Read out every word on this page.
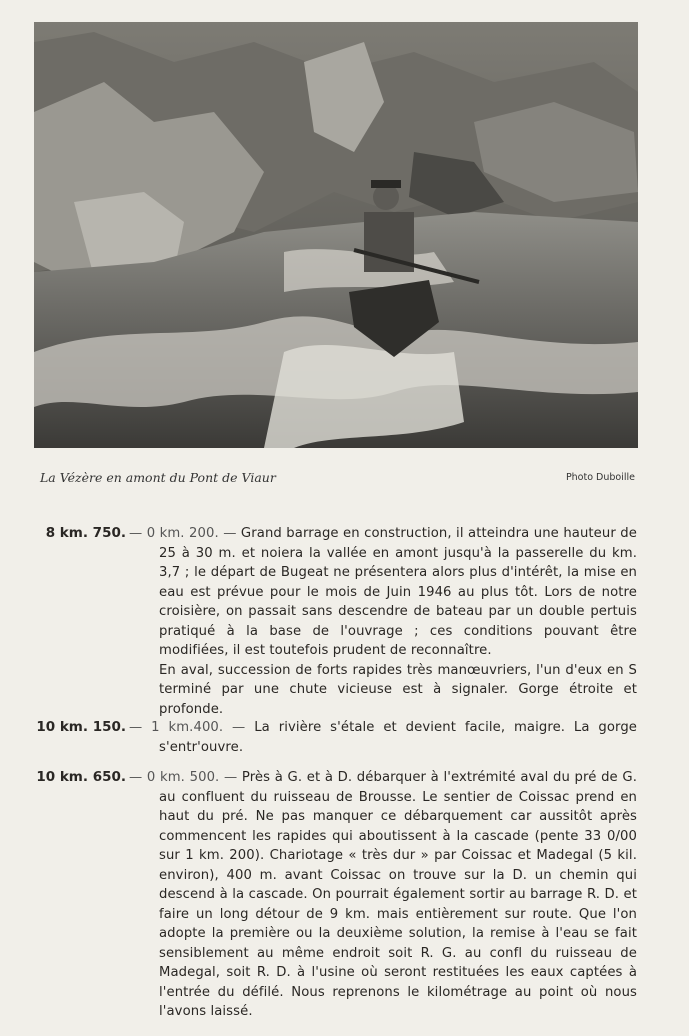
La Vézère en amont du Pont de Viaur	Photo Duboille
8 km. 750. — 0 km. 200. — Grand barrage en construction, il atteindra une hauteur de 25 à 30 m. et noiera la vallée en amont jusqu'à la passerelle du km. 3,7 ; le départ de Bugeat ne présentera alors plus d'intérêt, la mise en eau est prévue pour le mois de Juin 1946 au plus tôt. Lors de notre croisière, on passait sans descendre de bateau par un double pertuis pratiqué à la base de l'ouvrage ; ces conditions pouvant être modifiées, il est toutefois prudent de reconnaître.

En aval, succession de forts rapides très manœuvriers, l'un d'eux en S terminé par une chute vicieuse est à signaler. Gorge étroite et profonde.

10 km. 150. — 1 km.400. — La rivière s'étale et devient facile, maigre. La gorge s'entr'ouvre.

10 km. 650. — 0 km. 500. — Près à G. et à D. débarquer à l'extrémité aval du pré de G. au confluent du ruisseau de Brousse. Le sentier de Coissac prend en haut du pré. Ne pas manquer ce débarquement car aussitôt après commencent les rapides qui aboutissent à la cascade (pente 33 0/00 sur 1 km. 200). Chariotage « très dur » par Coissac et Madegal (5 kil. environ), 400 m. avant Coissac on trouve sur la D. un chemin qui descend à la cascade. On pourrait également sortir au barrage R. D. et faire un long détour de 9 km. mais entièrement sur route. Que l'on adopte la première ou la deuxième solution, la remise à l'eau se fait sensiblement au même endroit soit R. G. au confl du ruisseau de Madegal, soit R. D. à l'usine où seront restituées les eaux captées à l'entrée du défilé. Nous reprenons le kilométrage au point où nous l'avons laissé.
